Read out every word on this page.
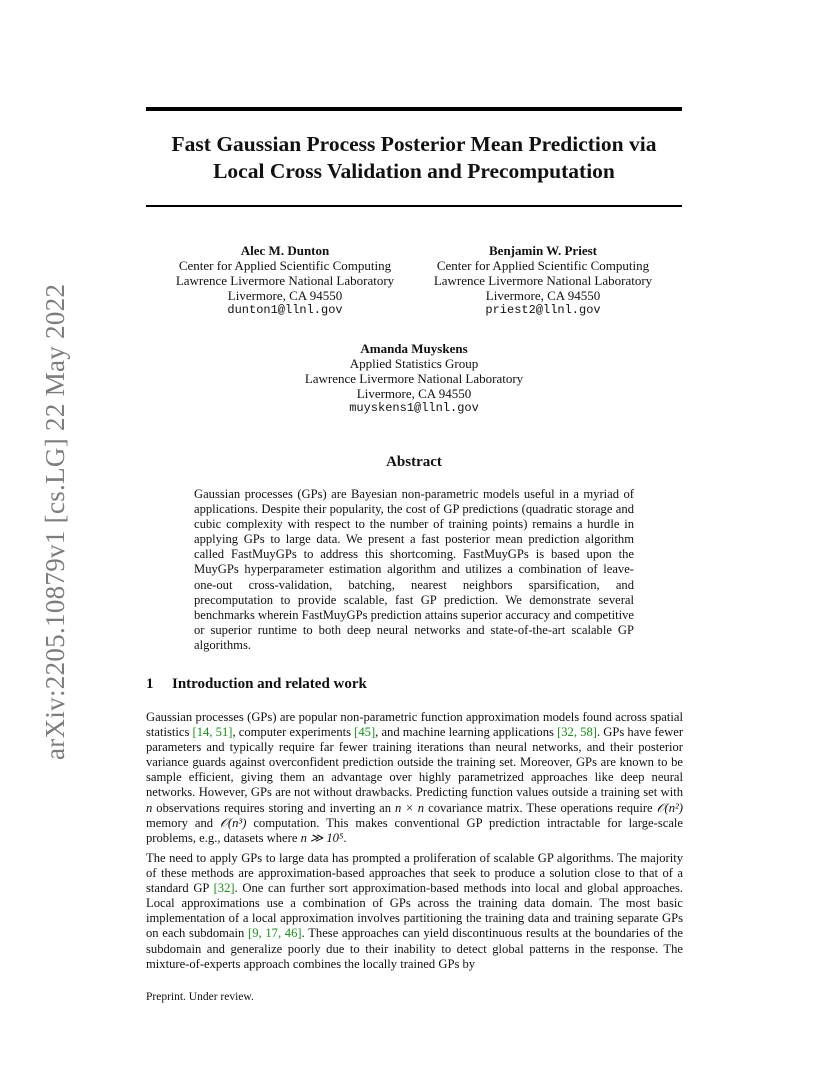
arXiv:2205.10879v1 [cs.LG] 22 May 2022
Fast Gaussian Process Posterior Mean Prediction via
Local Cross Validation and Precomputation
Alec M. Dunton
Center for Applied Scientific Computing
Lawrence Livermore National Laboratory
Livermore, CA 94550
dunton1@llnl.gov
Benjamin W. Priest
Center for Applied Scientific Computing
Lawrence Livermore National Laboratory
Livermore, CA 94550
priest2@llnl.gov
Amanda Muyskens
Applied Statistics Group
Lawrence Livermore National Laboratory
Livermore, CA 94550
muyskens1@llnl.gov
Abstract
Gaussian processes (GPs) are Bayesian non-parametric models useful in a myriad of applications. Despite their popularity, the cost of GP predictions (quadratic storage and cubic complexity with respect to the number of training points) remains a hurdle in applying GPs to large data. We present a fast posterior mean prediction algorithm called FastMuyGPs to address this shortcoming. FastMuyGPs is based upon the MuyGPs hyperparameter estimation algorithm and utilizes a combination of leave-one-out cross-validation, batching, nearest neighbors sparsification, and precomputation to provide scalable, fast GP prediction. We demonstrate several benchmarks wherein FastMuyGPs prediction attains superior accuracy and competitive or superior runtime to both deep neural networks and state-of-the-art scalable GP algorithms.
1 Introduction and related work
Gaussian processes (GPs) are popular non-parametric function approximation models found across spatial statistics [14, 51], computer experiments [45], and machine learning applications [32, 58]. GPs have fewer parameters and typically require far fewer training iterations than neural networks, and their posterior variance guards against overconfident prediction outside the training set. Moreover, GPs are known to be sample efficient, giving them an advantage over highly parametrized approaches like deep neural networks. However, GPs are not without drawbacks. Predicting function values outside a training set with n observations requires storing and inverting an n × n covariance matrix. These operations require 𝒪(n²) memory and 𝒪(n³) computation. This makes conventional GP prediction intractable for large-scale problems, e.g., datasets where n ≫ 10⁵.
The need to apply GPs to large data has prompted a proliferation of scalable GP algorithms. The majority of these methods are approximation-based approaches that seek to produce a solution close to that of a standard GP [32]. One can further sort approximation-based methods into local and global approaches. Local approximations use a combination of GPs across the training data domain. The most basic implementation of a local approximation involves partitioning the training data and training separate GPs on each subdomain [9, 17, 46]. These approaches can yield discontinuous results at the boundaries of the subdomain and generalize poorly due to their inability to detect global patterns in the response. The mixture-of-experts approach combines the locally trained GPs by
Preprint. Under review.
